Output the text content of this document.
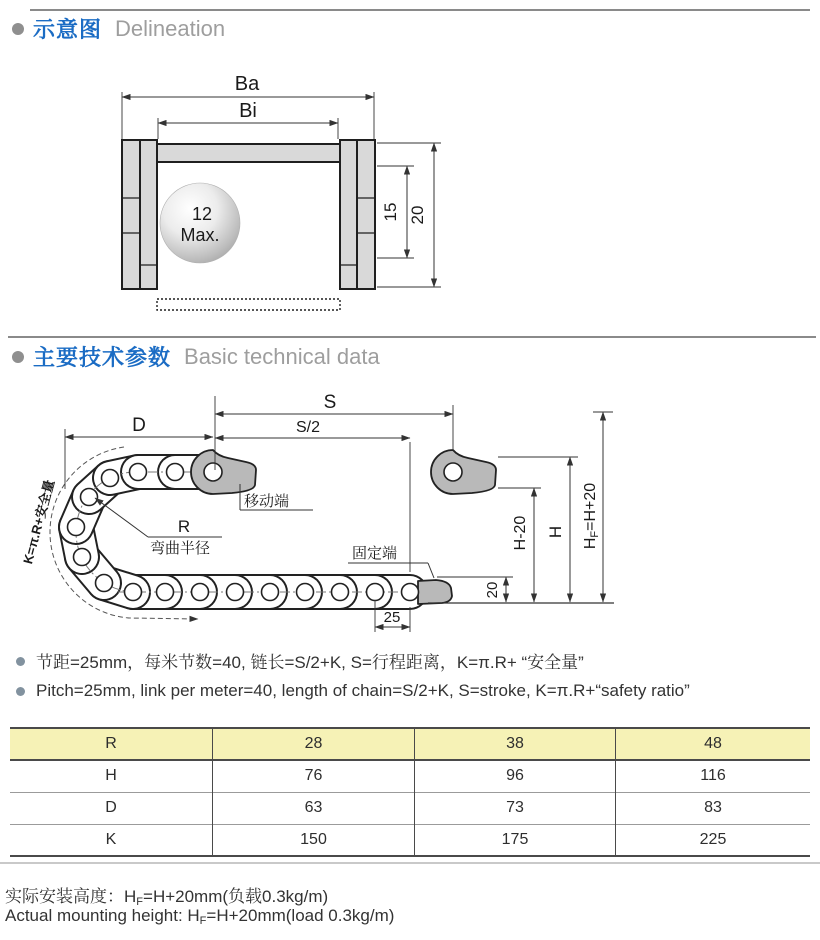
示意图 Delineation
Ba
Bi
12
Max.
15 20
主要技术参数 Basic technical data
S
S/2
D
K=π.R+安全量	R
弯曲半径
移动端
固定端
25
20
H-20 H
HF=H+20
节距=25mm，每米节数=40, 链长=S/2+K, S=行程距离，K=π.R+ “安全量”
Pitch=25mm, link per meter=40, length of chain=S/2+K, S=stroke, K=π.R+“safety ratio”
R	28	38	48
H	76	96	116
D	63	73	83
K	150	175	225
实际安装高度：$H_F=H+20mm$(负载0.3kg/m)
Actual mounting height: $H_F=H+20mm(load$ 0.3kg/m)
